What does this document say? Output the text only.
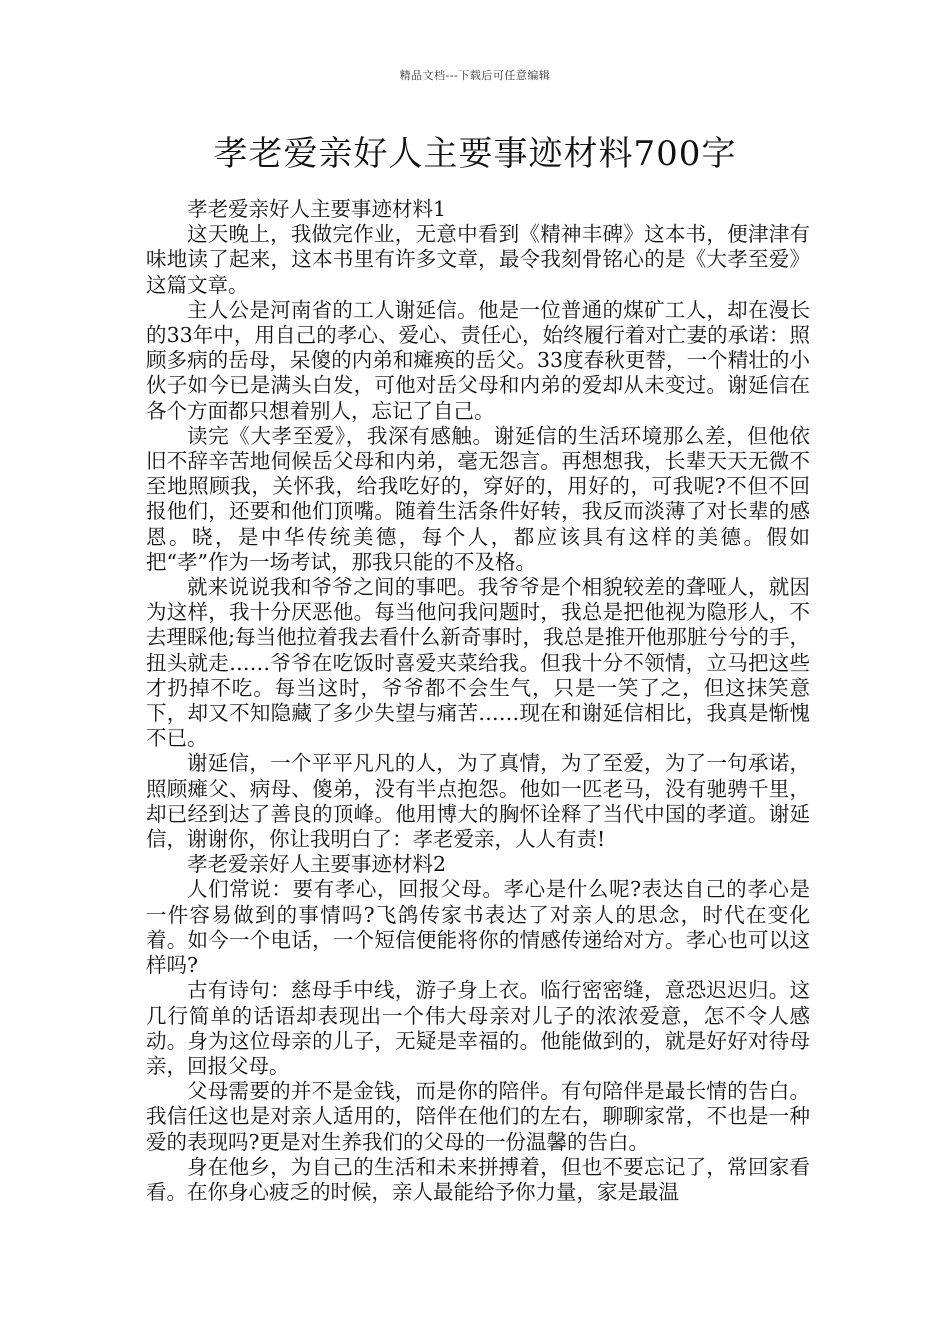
精品文档---下载后可任意编辑
孝老爱亲好人主要事迹材料700字

孝老爱亲好人主要事迹材料1

这天晚上，我做完作业，无意中看到《精神丰碑》这本书，便津津有味地读了起来，这本书里有许多文章，最令我刻骨铭心的是《大孝至爱》这篇文章。

主人公是河南省的工人谢延信。他是一位普通的煤矿工人，却在漫长的33年中，用自己的孝心、爱心、责任心，始终履行着对亡妻的承诺：照顾多病的岳母，呆傻的内弟和瘫痪的岳父。33度春秋更替，一个精壮的小伙子如今已是满头白发，可他对岳父母和内弟的爱却从未变过。谢延信在各个方面都只想着别人，忘记了自己。

读完《大孝至爱》，我深有感触。谢延信的生活环境那么差，但他依旧不辞辛苦地伺候岳父母和内弟，毫无怨言。再想想我，长辈天天无微不至地照顾我，关怀我，给我吃好的，穿好的，用好的，可我呢?不但不回报他们，还要和他们顶嘴。随着生活条件好转，我反而淡薄了对长辈的感恩。晓，是中华传统美德，每个人，都应该具有这样的美德。假如把“孝”作为一场考试，那我只能的不及格。

就来说说我和爷爷之间的事吧。我爷爷是个相貌较差的聋哑人，就因为这样，我十分厌恶他。每当他问我问题时，我总是把他视为隐形人，不去理睬他;每当他拉着我去看什么新奇事时，我总是推开他那脏兮兮的手，扭头就走……爷爷在吃饭时喜爱夹菜给我。但我十分不领情，立马把这些才扔掉不吃。每当这时，爷爷都不会生气，只是一笑了之，但这抹笑意下，却又不知隐藏了多少失望与痛苦……现在和谢延信相比，我真是惭愧不已。

谢延信，一个平平凡凡的人，为了真情，为了至爱，为了一句承诺，照顾瘫父、病母、傻弟，没有半点抱怨。他如一匹老马，没有驰骋千里，却已经到达了善良的顶峰。他用博大的胸怀诠释了当代中国的孝道。谢延信，谢谢你，你让我明白了：孝老爱亲，人人有责!

孝老爱亲好人主要事迹材料2

人们常说：要有孝心，回报父母。孝心是什么呢?表达自己的孝心是一件容易做到的事情吗?飞鸽传家书表达了对亲人的思念，时代在变化着。如今一个电话，一个短信便能将你的情感传递给对方。孝心也可以这样吗?

古有诗句：慈母手中线，游子身上衣。临行密密缝，意恐迟迟归。这几行简单的话语却表现出一个伟大母亲对儿子的浓浓爱意，怎不令人感动。身为这位母亲的儿子，无疑是幸福的。他能做到的，就是好好对待母亲，回报父母。

父母需要的并不是金钱，而是你的陪伴。有句陪伴是最长情的告白。我信任这也是对亲人适用的，陪伴在他们的左右，聊聊家常，不也是一种爱的表现吗?更是对生养我们的父母的一份温馨的告白。

身在他乡，为自己的生活和未来拼搏着，但也不要忘记了，常回家看看。在你身心疲乏的时候，亲人最能给予你力量，家是最温
